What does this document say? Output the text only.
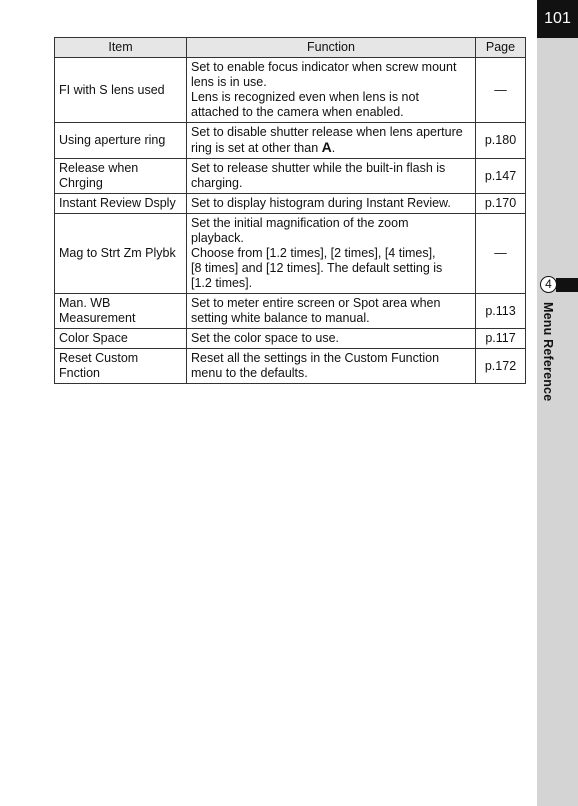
101
4
Menu Reference
Item	Function	Page
FI with S lens used	Set to enable focus indicator when screw mount
lens is in use.
Lens is recognized even when lens is not
attached to the camera when enabled.	—
Using aperture ring	Set to disable shutter release when lens aperture
ring is set at other than A.	p.180
Release when Chrging	Set to release shutter while the built-in flash is
charging.	p.147
Instant Review Dsply	Set to display histogram during Instant Review.	p.170
Mag to Strt Zm Plybk	Set the initial magnification of the zoom
playback.
Choose from [1.2 times], [2 times], [4 times],
[8 times] and [12 times]. The default setting is
[1.2 times].	—
Man. WB Measurement	Set to meter entire screen or Spot area when
setting white balance to manual.	p.113
Color Space	Set the color space to use.	p.117
Reset Custom Fnction	Reset all the settings in the Custom Function
menu to the defaults.	p.172
